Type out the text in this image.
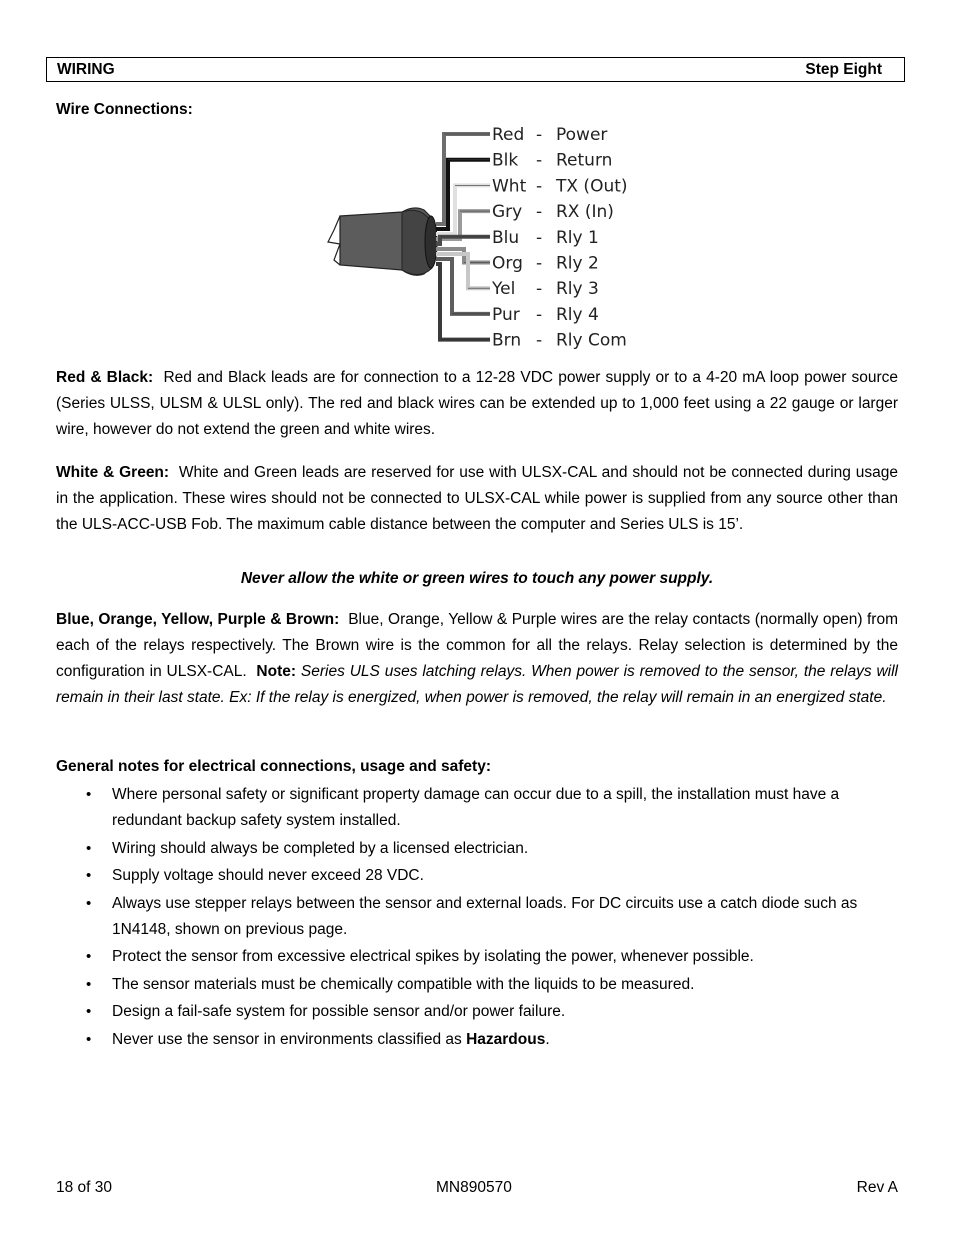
WIRING	Step Eight
Wire Connections:
Red - Power
Blk - Return
Wht - TX (Out)
Gry - RX (In)
Blu - Rly 1
Org - Rly 2
Yel - Rly 3
Pur - Rly 4
Brn - Rly Com

Red & Black: Red and Black leads are for connection to a 12-28 VDC power supply or to a 4-20 mA loop power source (Series ULSS, ULSM & ULSL only). The red and black wires can be extended up to 1,000 feet using a 22 gauge or larger wire, however do not extend the green and white wires.

White & Green: White and Green leads are reserved for use with ULSX-CAL and should not be connected during usage in the application. These wires should not be connected to ULSX-CAL while power is supplied from any source other than the ULS-ACC-USB Fob. The maximum cable distance between the computer and Series ULS is 15’.

Never allow the white or green wires to touch any power supply.

Blue, Orange, Yellow, Purple & Brown: Blue, Orange, Yellow & Purple wires are the relay contacts (normally open) from each of the relays respectively. The Brown wire is the common for all the relays. Relay selection is determined by the configuration in ULSX-CAL. Note: Series ULS uses latching relays. When power is removed to the sensor, the relays will remain in their last state. Ex: If the relay is energized, when power is removed, the relay will remain in an energized state.

General notes for electrical connections, usage and safety:
• Where personal safety or significant property damage can occur due to a spill, the installation must have a redundant backup safety system installed.
• Wiring should always be completed by a licensed electrician.
• Supply voltage should never exceed 28 VDC.
• Always use stepper relays between the sensor and external loads. For DC circuits use a catch diode such as 1N4148, shown on previous page.
• Protect the sensor from excessive electrical spikes by isolating the power, whenever possible.
• The sensor materials must be chemically compatible with the liquids to be measured.
• Design a fail-safe system for possible sensor and/or power failure.
• Never use the sensor in environments classified as Hazardous.
18 of 30	MN890570	Rev A
